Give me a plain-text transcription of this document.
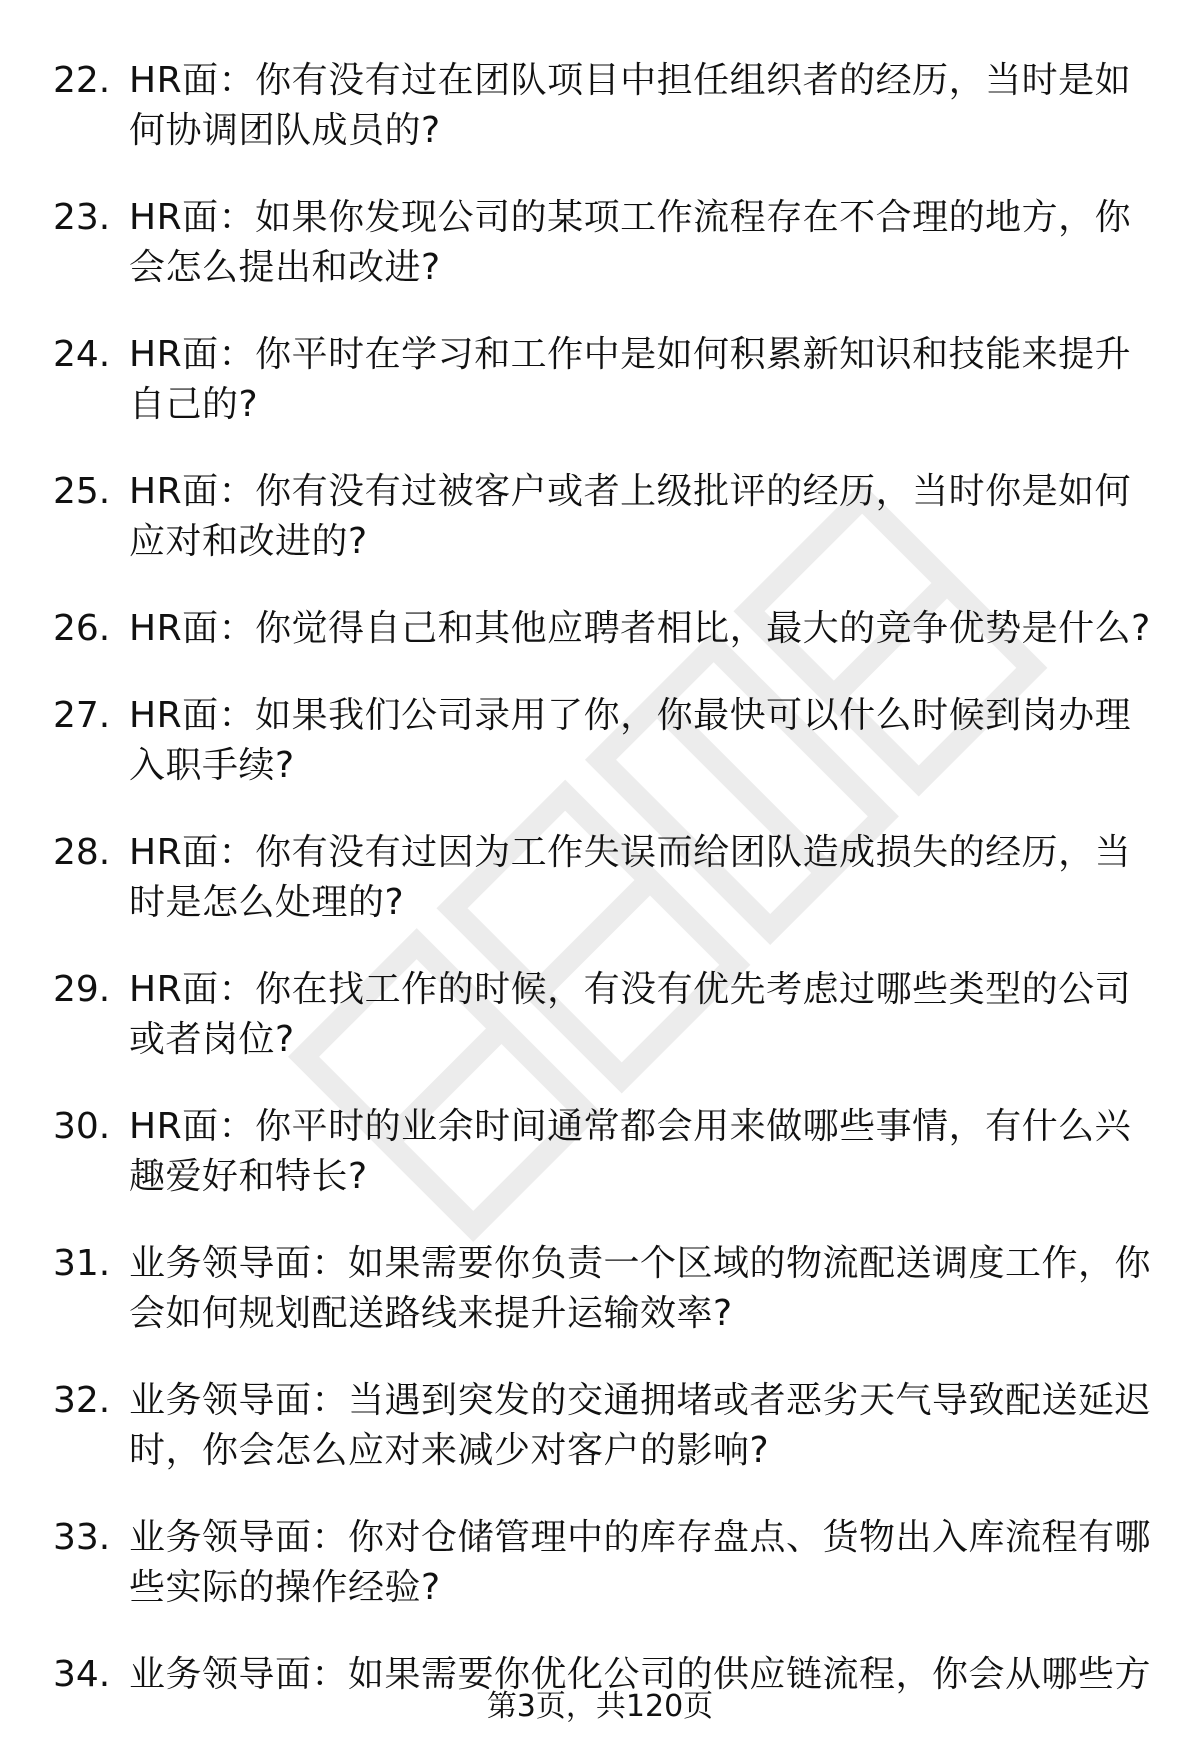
22. HR面：你有没有过在团队项目中担任组织者的经历，当时是如何协调团队成员的?
23. HR面：如果你发现公司的某项工作流程存在不合理的地方，你会怎么提出和改进?
24. HR面：你平时在学习和工作中是如何积累新知识和技能来提升自己的?
25. HR面：你有没有过被客户或者上级批评的经历，当时你是如何应对和改进的?
26. HR面：你觉得自己和其他应聘者相比，最大的竞争优势是什么?
27. HR面：如果我们公司录用了你，你最快可以什么时候到岗办理入职手续?
28. HR面：你有没有过因为工作失误而给团队造成损失的经历，当时是怎么处理的?
29. HR面：你在找工作的时候，有没有优先考虑过哪些类型的公司或者岗位?
30. HR面：你平时的业余时间通常都会用来做哪些事情，有什么兴趣爱好和特长?
31. 业务领导面：如果需要你负责一个区域的物流配送调度工作，你会如何规划配送路线来提升运输效率?
32. 业务领导面：当遇到突发的交通拥堵或者恶劣天气导致配送延迟时，你会怎么应对来减少对客户的影响?
33. 业务领导面：你对仓储管理中的库存盘点、货物出入库流程有哪些实际的操作经验?
34. 业务领导面：如果需要你优化公司的供应链流程，你会从哪些方
第3页，共120页
